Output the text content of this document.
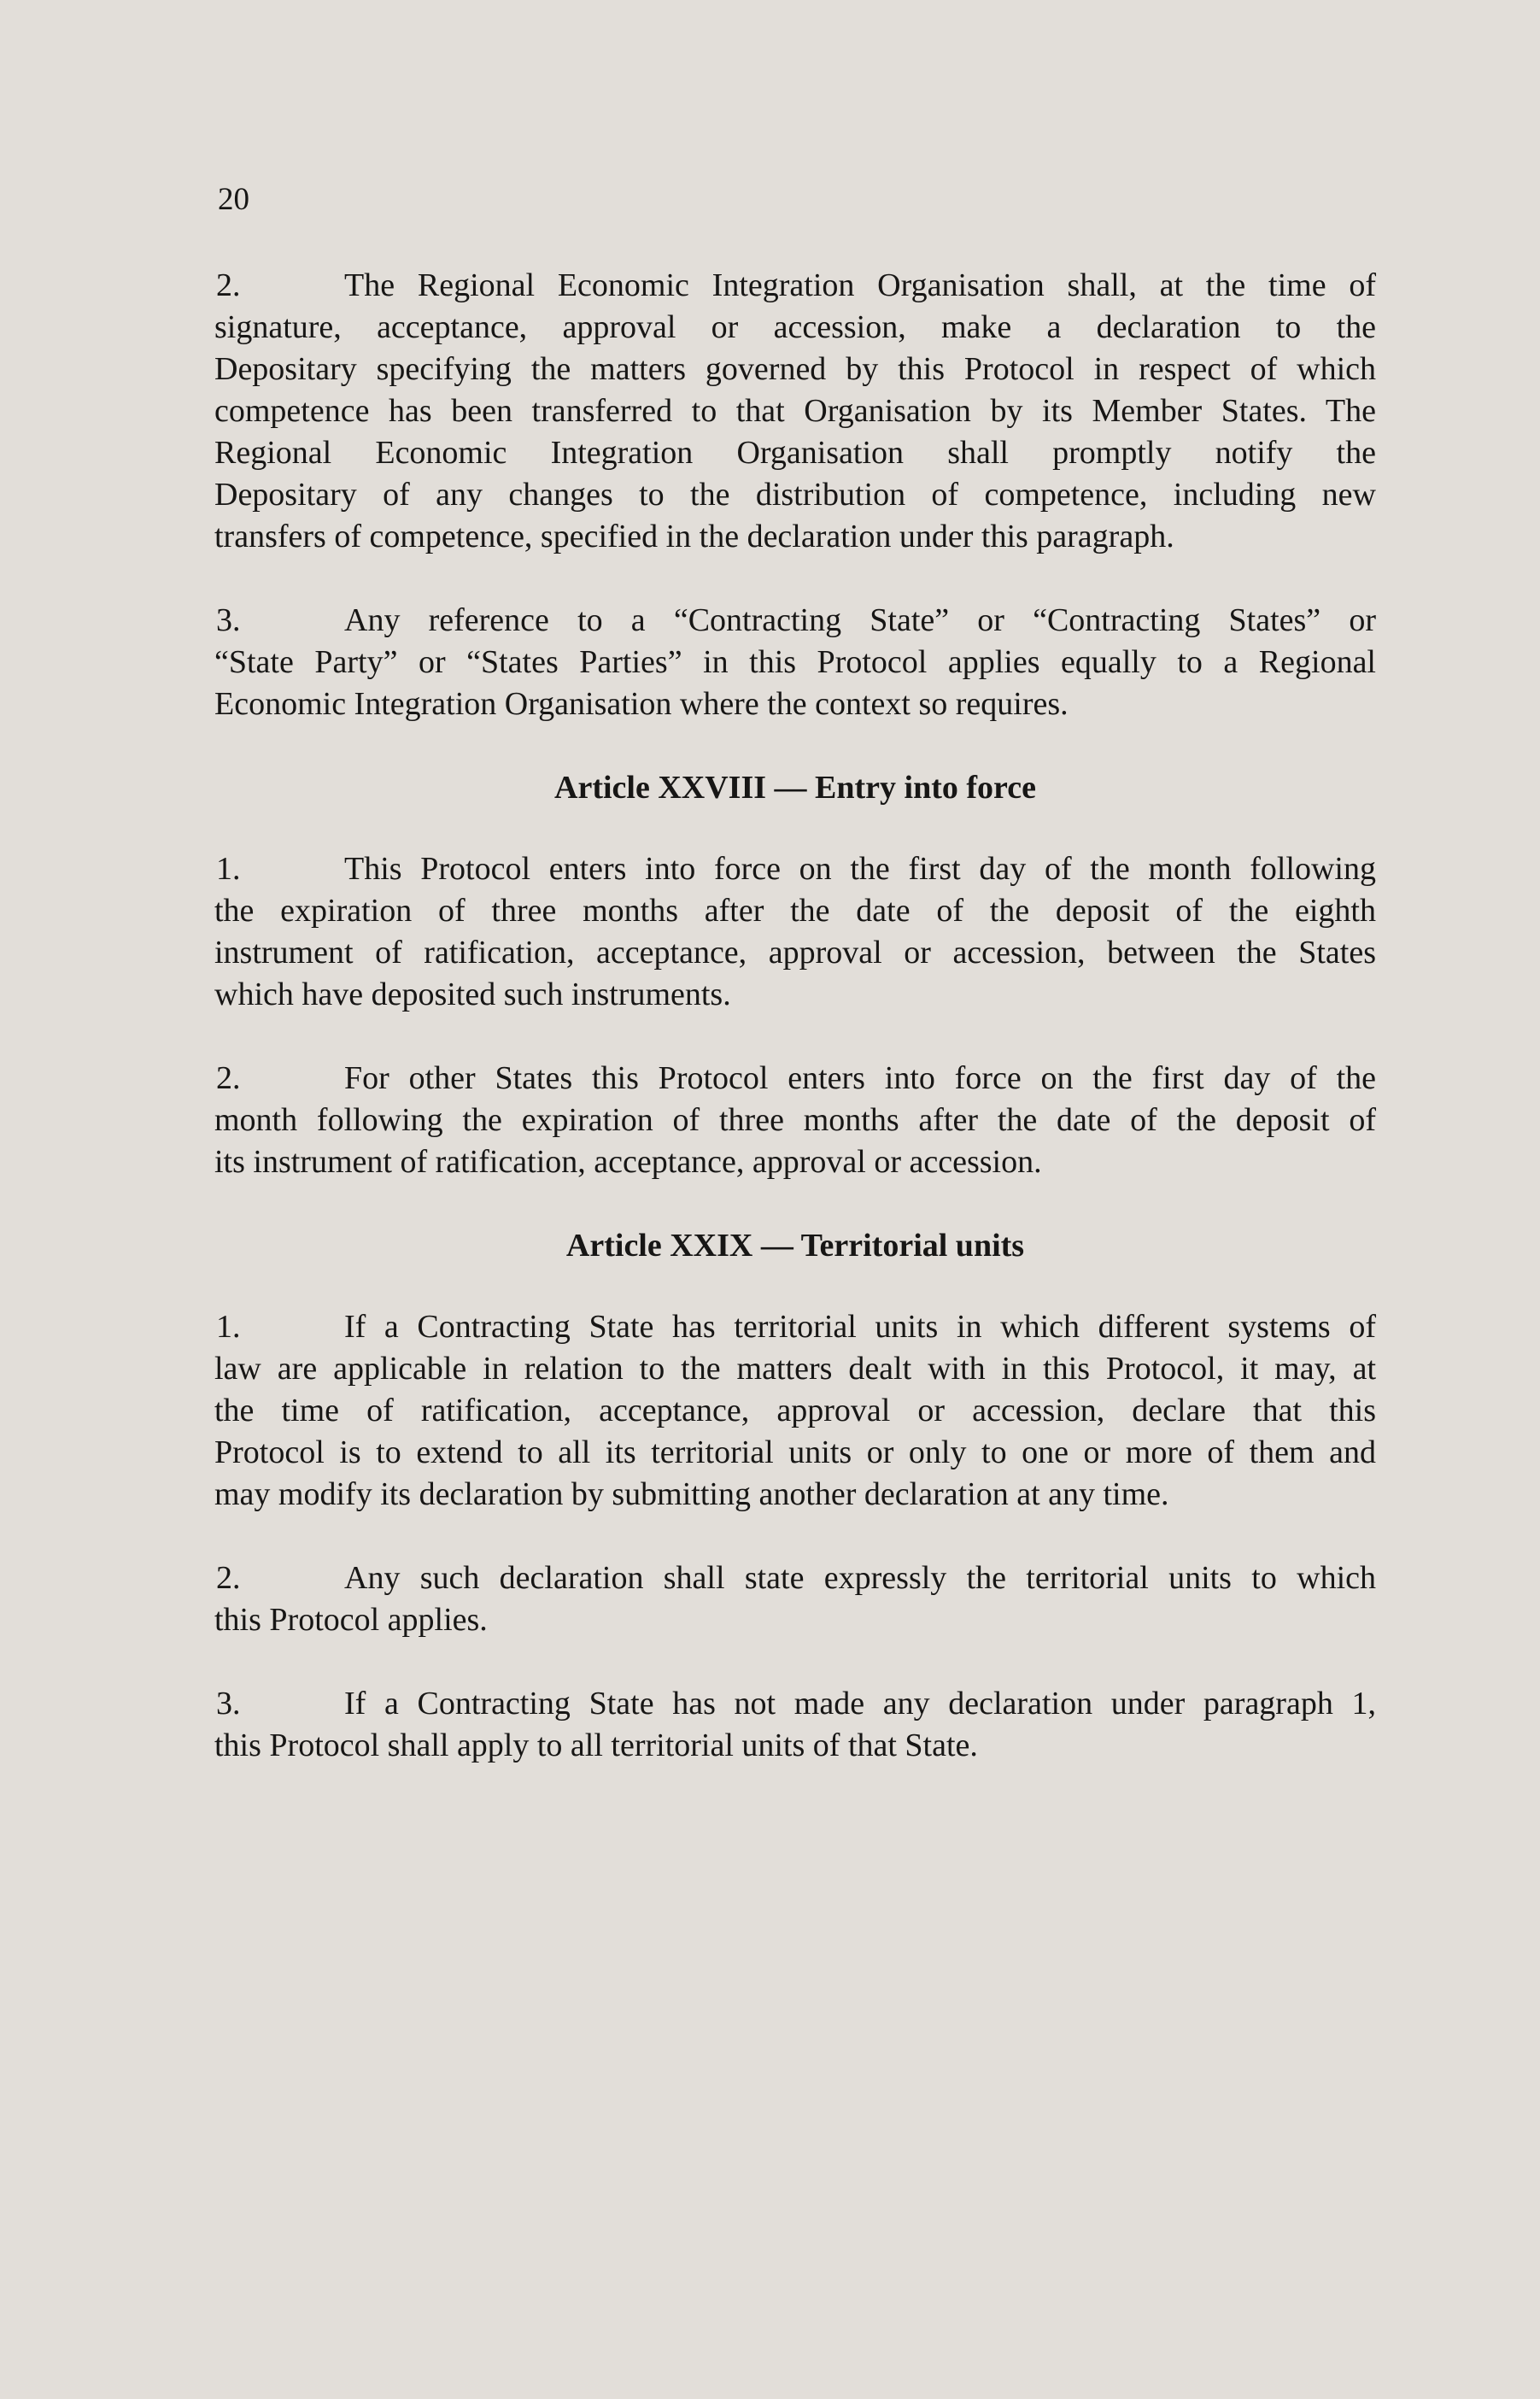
20
2.	The Regional Economic Integration Organisation shall, at the time of
signature, acceptance, approval or accession, make a declaration to the
Depositary specifying the matters governed by this Protocol in respect of which
competence has been transferred to that Organisation by its Member States. The
Regional Economic Integration Organisation shall promptly notify the
Depositary of any changes to the distribution of competence, including new
transfers of competence, specified in the declaration under this paragraph.
3.	Any reference to a “Contracting State” or “Contracting States” or
“State Party” or “States Parties” in this Protocol applies equally to a Regional
Economic Integration Organisation where the context so requires.
Article XXVIII — Entry into force
1.	This Protocol enters into force on the first day of the month following
the expiration of three months after the date of the deposit of the eighth
instrument of ratification, acceptance, approval or accession, between the States
which have deposited such instruments.
2.	For other States this Protocol enters into force on the first day of the
month following the expiration of three months after the date of the deposit of
its instrument of ratification, acceptance, approval or accession.
Article XXIX — Territorial units
1.	If a Contracting State has territorial units in which different systems of
law are applicable in relation to the matters dealt with in this Protocol, it may, at
the time of ratification, acceptance, approval or accession, declare that this
Protocol is to extend to all its territorial units or only to one or more of them and
may modify its declaration by submitting another declaration at any time.
2.	Any such declaration shall state expressly the territorial units to which
this Protocol applies.
3.	If a Contracting State has not made any declaration under paragraph 1,
this Protocol shall apply to all territorial units of that State.
